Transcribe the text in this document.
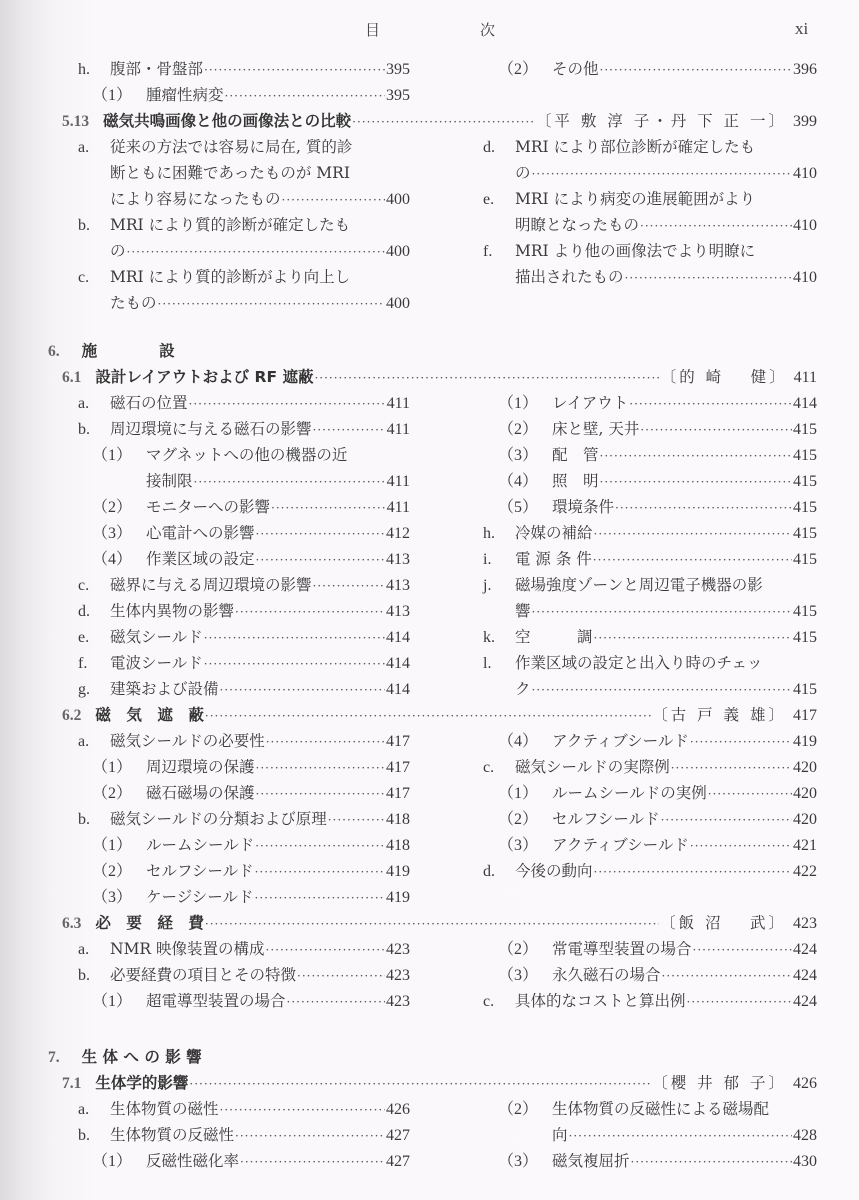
目	次	xi
6. 施　　　　設
7. 生 体 へ の 影 響
5.13 磁気共鳴画像と他の画像法との比較 ·····	〔平 敷 淳 子・丹 下 正 一〕 399
6.1 設計レイアウトおよび RF 遮蔽 ·····	〔的 崎　 健〕 411
6.2 磁　気　遮　蔽 ·····	〔古 戸 義 雄〕 417
6.3 必　要　経　費 ·····	〔飯 沼　 武〕 423
7.1 生体学的影響 ·····	〔櫻 井 郁 子〕 426
h.	腹部・骨盤部 ·····	395
（1） 腫瘤性病変 ·····	395
a.	従来の方法では容易に局在, 質的診
断ともに困難であったものが MRI
により容易になったもの ·····	400
b.	MRI により質的診断が確定したも
の ·····	400
c.	MRI により質的診断がより向上し
たもの ·····	400
a.	磁石の位置 ·····	411
b.	周辺環境に与える磁石の影響 ·····	411
（1） マグネットへの他の機器の近
接制限 ·····	411
（2） モニターへの影響 ·····	411
（3） 心電計への影響 ·····	412
（4） 作業区域の設定 ·····	413
c.	磁界に与える周辺環境の影響 ·····	413
d.	生体内異物の影響 ·····	413
e.	磁気シールド ·····	414
f.	電波シールド ·····	414
g.	建築および設備 ·····	414
a.	磁気シールドの必要性 ·····	417
（1） 周辺環境の保護 ·····	417
（2） 磁石磁場の保護 ·····	417
b.	磁気シールドの分類および原理 ·····	418
（1） ルームシールド ·····	418
（2） セルフシールド ·····	419
（3） ケージシールド ·····	419
a.	NMR 映像装置の構成 ·····	423
b.	必要経費の項目とその特徴 ·····	423
（1） 超電導型装置の場合 ·····	423
a.	生体物質の磁性 ·····	426
b.	生体物質の反磁性 ·····	427
（1） 反磁性磁化率 ·····	427
（2） その他 ·····	396
d.	MRI により部位診断が確定したも
の ·····	410
e.	MRI により病変の進展範囲がより
明瞭となったもの ·····	410
f.	MRI より他の画像法でより明瞭に
描出されたもの ·····	410
（1） レイアウト ·····	414
（2） 床と壁, 天井 ·····	415
（3） 配　管 ·····	415
（4） 照　明 ·····	415
（5） 環境条件 ·····	415
h.	冷媒の補給 ·····	415
i.	電 源 条 件 ·····	415
j.	磁場強度ゾーンと周辺電子機器の影
響 ·····	415
k.	空　　　調 ·····	415
l.	作業区域の設定と出入り時のチェッ
ク ·····	415
（4） アクティブシールド ·····	419
c.	磁気シールドの実際例 ·····	420
（1） ルームシールドの実例 ·····	420
（2） セルフシールド ·····	420
（3） アクティブシールド ·····	421
d.	今後の動向 ·····	422
（2） 常電導型装置の場合 ·····	424
（3） 永久磁石の場合 ·····	424
c.	具体的なコストと算出例 ·····	424
（2） 生体物質の反磁性による磁場配
向 ·····	428
（3） 磁気複屈折 ·····	430
